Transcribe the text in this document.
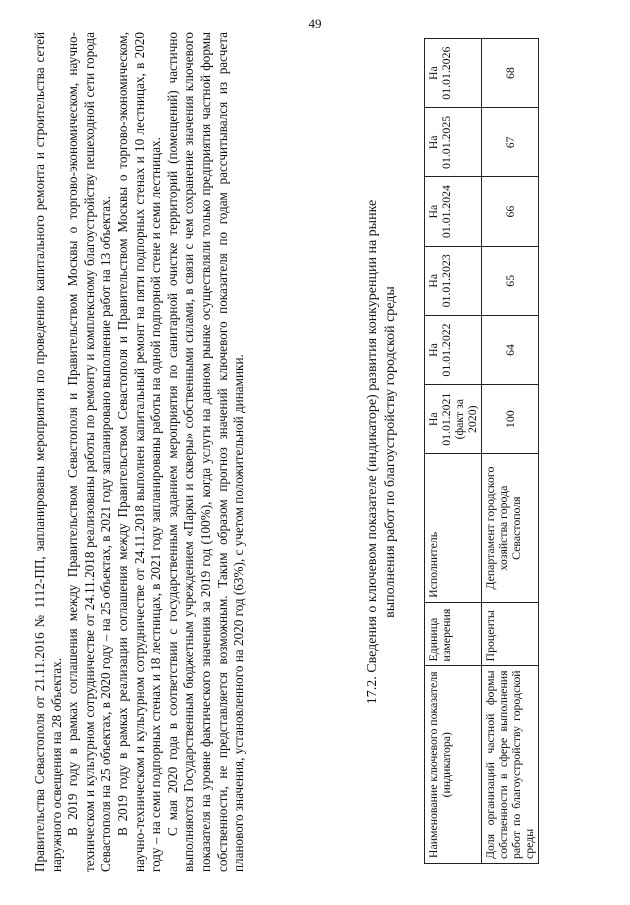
49

Правительства Севастополя от 21.11.2016 № 1112-ПП, запланированы мероприятия по проведению капитального ремонта и строительства сетей наружного освещения на 28 объектах. В 2019 году в рамках соглашения между Правительством Севастополя и Правительством Москвы о торгово-экономическом, научно-техническом и культурном сотрудничестве от 24.11.2018 реализованы работы по ремонту и комплексному благоустройству пешеходной сети города Севастополя на 25 объектах, в 2020 году – на 25 объектах, в 2021 году запланировано выполнение работ на 13 объектах. В 2019 году в рамках реализации соглашения между Правительством Севастополя и Правительством Москвы о торгово-экономическом, научно-техническом и культурном сотрудничестве от 24.11.2018 выполнен капитальный ремонт на пяти подпорных стенах и 10 лестницах, в 2020 году – на семи подпорных стенах и 18 лестницах, в 2021 году запланированы работы на одной подпорной стене и семи лестницах. С мая 2020 года в соответствии с государственным заданием мероприятия по санитарной очистке территорий (помещений) частично выполняются Государственным бюджетным учреждением «Парки и скверы» собственными силами, в связи с чем сохранение значения ключевого показателя на уровне фактического значения за 2019 год (100%), когда услуги на данном рынке осуществляли только предприятия частной формы собственности, не представляется возможным. Таким образом прогноз значений ключевого показателя по годам рассчитывался из расчета планового значения, установленного на 2020 год (63%), с учетом положительной динамики.	17.2. Сведения о ключевом показателе (индикаторе) развития конкуренции на рынке выполнения работ по благоустройству городской среды
Наименование ключевого показателя (индикатора)	Единица измерения	Исполнитель	На 01.01.2021 (факт за 2020)	На 01.01.2022	На 01.01.2023	На 01.01.2024	На 01.01.2025	На 01.01.2026
Доля организаций частной формы собственности в сфере выполнения работ по благоустройству городской среды	Проценты	Департамент городского хозяйства города Севастополя	100	64	65	66	67	68
